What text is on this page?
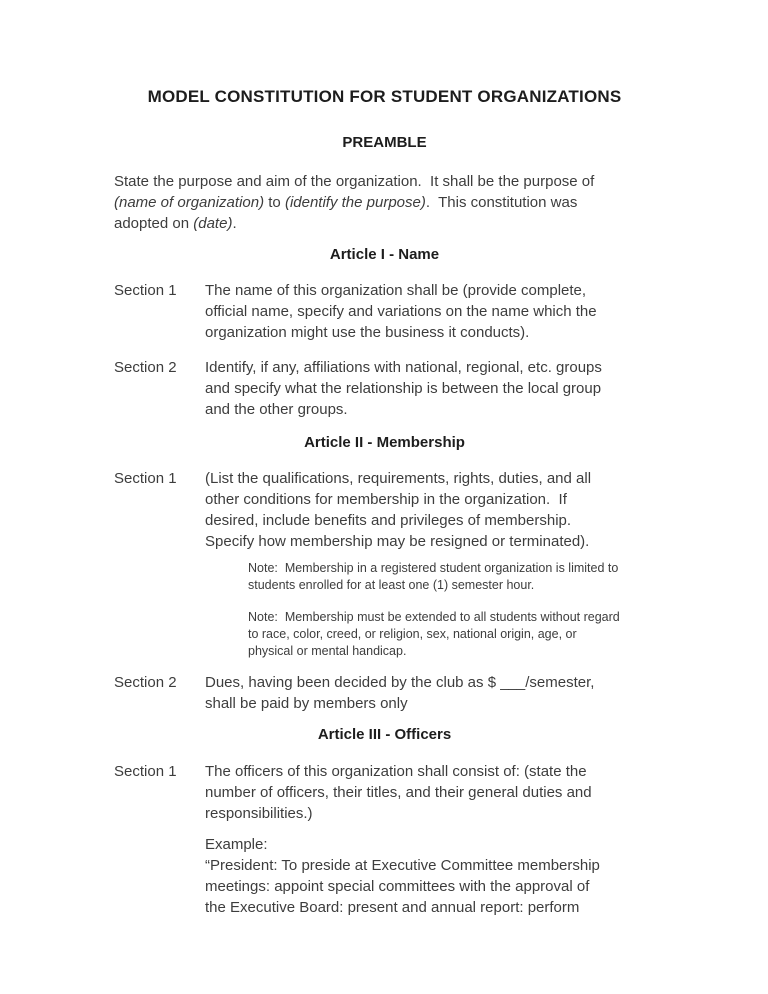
MODEL CONSTITUTION FOR STUDENT ORGANIZATIONS
PREAMBLE

State the purpose and aim of the organization.  It shall be the purpose of (name of organization) to (identify the purpose).  This constitution was adopted on (date).

Article I - Name
Section 1	The name of this organization shall be (provide complete, official name, specify and variations on the name which the organization might use the business it conducts).
Section 2	Identify, if any, affiliations with national, regional, etc. groups and specify what the relationship is between the local group and the other groups.
Article II - Membership
Section 1	(List the qualifications, requirements, rights, duties, and all other conditions for membership in the organization.  If desired, include benefits and privileges of membership.  Specify how membership may be resigned or terminated).

Note:  Membership in a registered student organization is limited to students enrolled for at least one (1) semester hour.

Note:  Membership must be extended to all students without regard to race, color, creed, or religion, sex, national origin, age, or physical or mental handicap.

Section 2	Dues, having been decided by the club as $ ___/semester, shall be paid by members only
Article III - Officers
Section 1	The officers of this organization shall consist of: (state the number of officers, their titles, and their general duties and responsibilities.)

Example:

“President: To preside at Executive Committee membership meetings: appoint special committees with the approval of the Executive Board: present and annual report: perform
